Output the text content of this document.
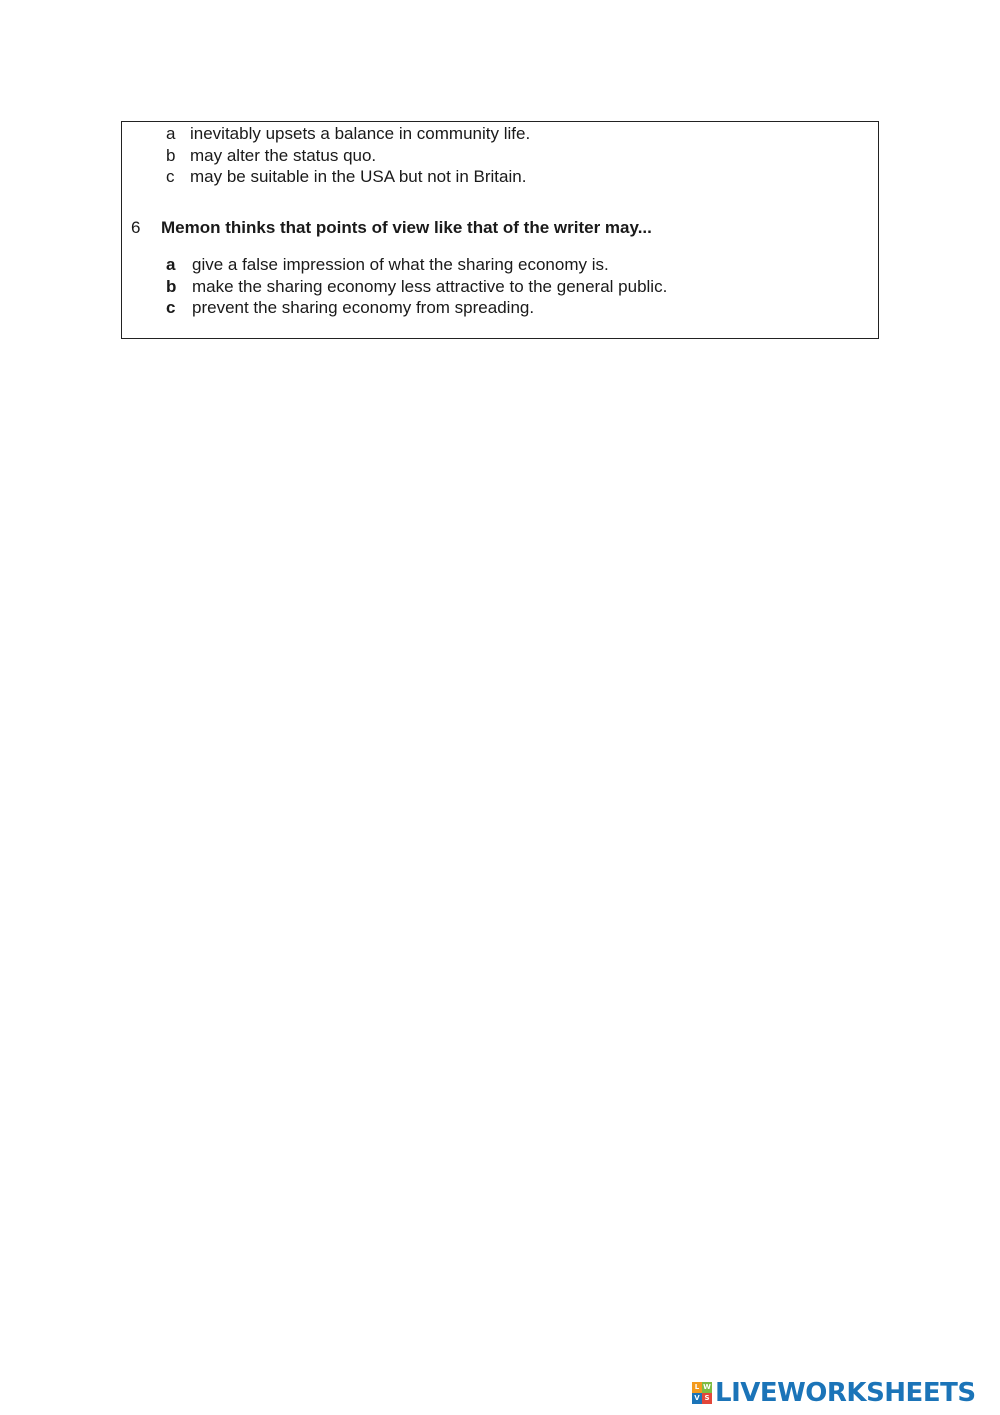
a inevitably upsets a balance in community life.
b may alter the status quo.
c may be suitable in the USA but not in Britain.
6 Memon thinks that points of view like that of the writer may...
a give a false impression of what the sharing economy is.
b make the sharing economy less attractive to the general public.
c prevent the sharing economy from spreading.
L W
V S LIVEWORKSHEETS
